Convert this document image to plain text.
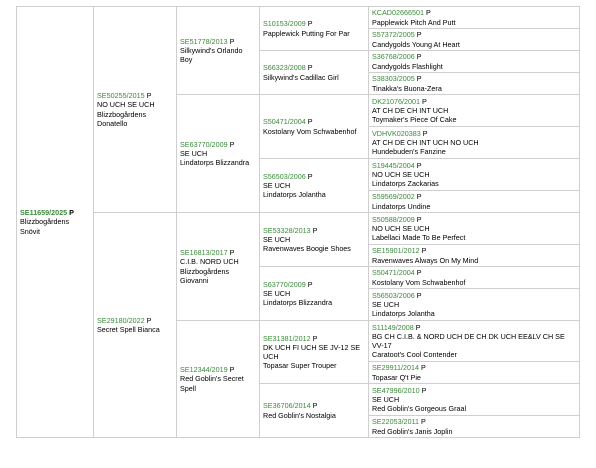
SE11659/2025 P
Blizzbogårdens Snövit	SE50255/2015 P
NO UCH SE UCH
Blizzbogårdens Donatello	SE51778/2013 P
Silkywind's Orlando Boy	S10153/2009 P
Papplewick Putting For Par	KCAD02666501 P
Papplewick Pitch And Putt

				S57372/2005 P
Candygolds Young At Heart

			S66323/2008 P
Silkywind's Cadillac Girl	S36768/2006 P
Candygolds Flashlight

				S38303/2005 P
Tinakka's Buona-Zera

		SE63770/2009 P
SE UCH
Lindatorps Blizzandra	S50471/2004 P
Kostolany Vom Schwabenhof	DK21076/2001 P
AT CH DE CH INT UCH
Toymaker's Piece Of Cake

				VDHVK020383 P
AT CH DE CH INT UCH NO UCH
Hundebuden's Fanzine

			S56503/2006 P
SE UCH
Lindatorps Jolantha	S19445/2004 P
NO UCH SE UCH
Lindatorps Zackarias

				S59569/2002 P
Lindatorps Undine

	SE29180/2022 P
Secret Spell Bianca	SE16813/2017 P
C.I.B. NORD UCH
Blizzbogårdens Giovanni	SE53328/2013 P
SE UCH
Ravenwaves Boogie Shoes	S50588/2009 P
NO UCH SE UCH
Labellaci Made To Be Perfect

				SE15901/2012 P
Ravenwaves Always On My Mind

			S63770/2009 P
SE UCH
Lindatorps Blizzandra	S50471/2004 P
Kostolany Vom Schwabenhof

				S56503/2006 P
SE UCH
Lindatorps Jolantha

		SE12344/2019 P
Red Goblin's Secret Spell	SE31381/2012 P
DK UCH FI UCH SE JV-12 SE UCH
Topasar Super Trouper	S11149/2008 P
BG CH C.I.B. & NORD UCH DE CH DK UCH EE&LV CH SE VV-17
Caratoot's Cool Contender

				SE29911/2014 P
Topasar Q't Pie

			SE36706/2014 P
Red Goblin's Nostalgia	SE47996/2010 P
SE UCH
Red Goblin's Gorgeous Graal

				SE22053/2011 P
Red Goblin's Janis Joplin
